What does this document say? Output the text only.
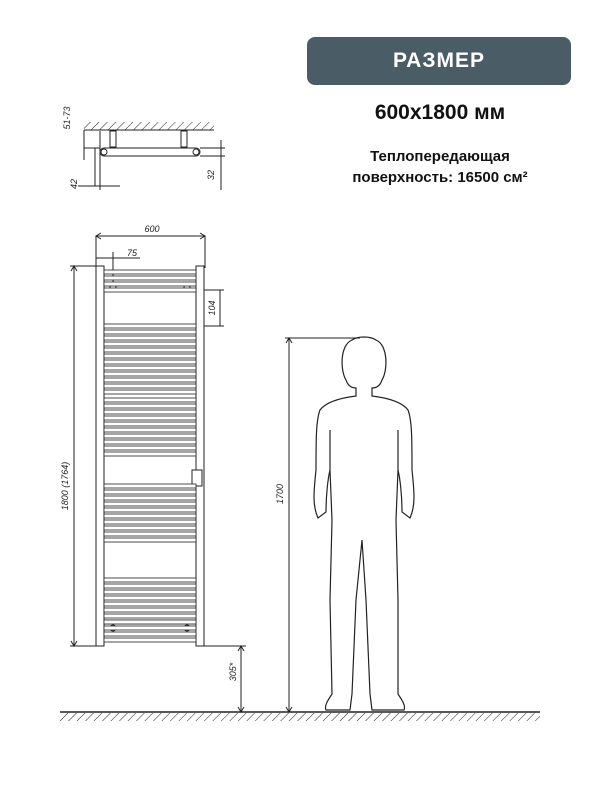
РАЗМЕР
600x1800 мм
Теплопередающая
поверхность: 16500 см²
51-73
42
32
600
75
104
1800 (1764)
305*
1700
